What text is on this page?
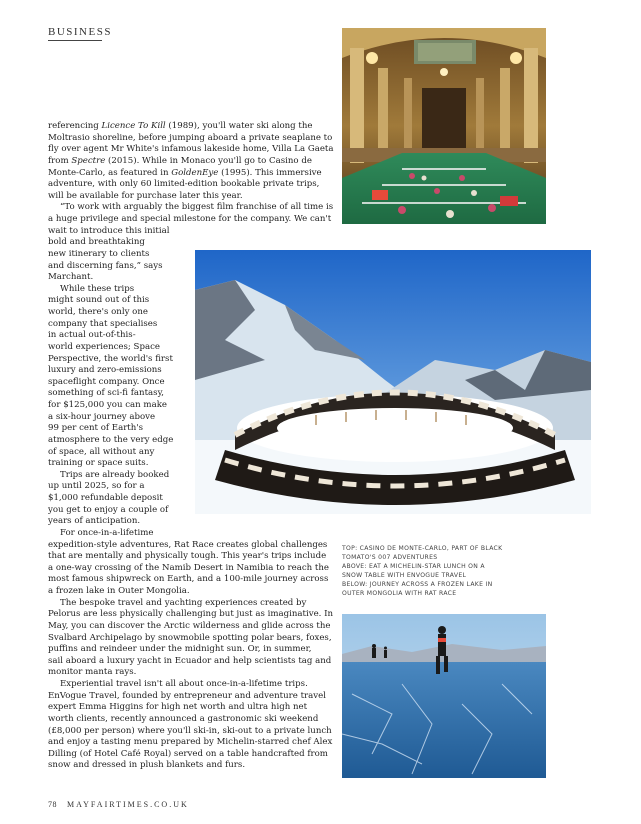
BUSINESS

referencing Licence To Kill (1989), you'll water ski along the
Moltrasio shoreline, before jumping aboard a private seaplane to
fly over agent Mr White's infamous lakeside home, Villa La Gaeta
from Spectre (2015). While in Monaco you'll go to Casino de
Monte-Carlo, as featured in GoldenEye (1995). This immersive
adventure, with only 60 limited-edition bookable private trips,
will be available for purchase later this year.

“To work with arguably the biggest film franchise of all time is
a huge privilege and special milestone for the company. We can't
wait to introduce this initial
bold and breathtaking
new itinerary to clients
and discerning fans,” says
Marchant.

While these trips
might sound out of this
world, there's only one
company that specialises
in actual out-of-this-
world experiences; Space
Perspective, the world's first
luxury and zero-emissions
spaceflight company. Once
something of sci-fi fantasy,
for $125,000 you can make
a six-hour journey above
99 per cent of Earth's
atmosphere to the very edge
of space, all without any
training or space suits.

Trips are already booked
up until 2025, so for a
$1,000 refundable deposit
you get to enjoy a couple of
years of anticipation.

For once-in-a-lifetime
expedition-style adventures, Rat Race creates global challenges
that are mentally and physically tough. This year's trips include
a one-way crossing of the Namib Desert in Namibia to reach the
most famous shipwreck on Earth, and a 100-mile journey across
a frozen lake in Outer Mongolia.

The bespoke travel and yachting experiences created by
Pelorus are less physically challenging but just as imaginative. In
May, you can discover the Arctic wilderness and glide across the
Svalbard Archipelago by snowmobile spotting polar bears, foxes,
puffins and reindeer under the midnight sun. Or, in summer,
sail aboard a luxury yacht in Ecuador and help scientists tag and
monitor manta rays.

Experiential travel isn't all about once-in-a-lifetime trips.
EnVogue Travel, founded by entrepreneur and adventure travel
expert Emma Higgins for high net worth and ultra high net
worth clients, recently announced a gastronomic ski weekend
(£8,000 per person) where you'll ski-in, ski-out to a private lunch
and enjoy a tasting menu prepared by Michelin-starred chef Alex
Dilling (of Hotel Café Royal) served on a table handcrafted from
snow and dressed in plush blankets and furs.

TOP: CASINO DE MONTE-CARLO, PART OF BLACK
TOMATO'S 007 ADVENTURES
ABOVE: EAT A MICHELIN-STAR LUNCH ON A
SNOW TABLE WITH ENVOGUE TRAVEL
BELOW: JOURNEY ACROSS A FROZEN LAKE IN
OUTER MONGOLIA WITH RAT RACE
78 MAYFAIRTIMES.CO.UK
